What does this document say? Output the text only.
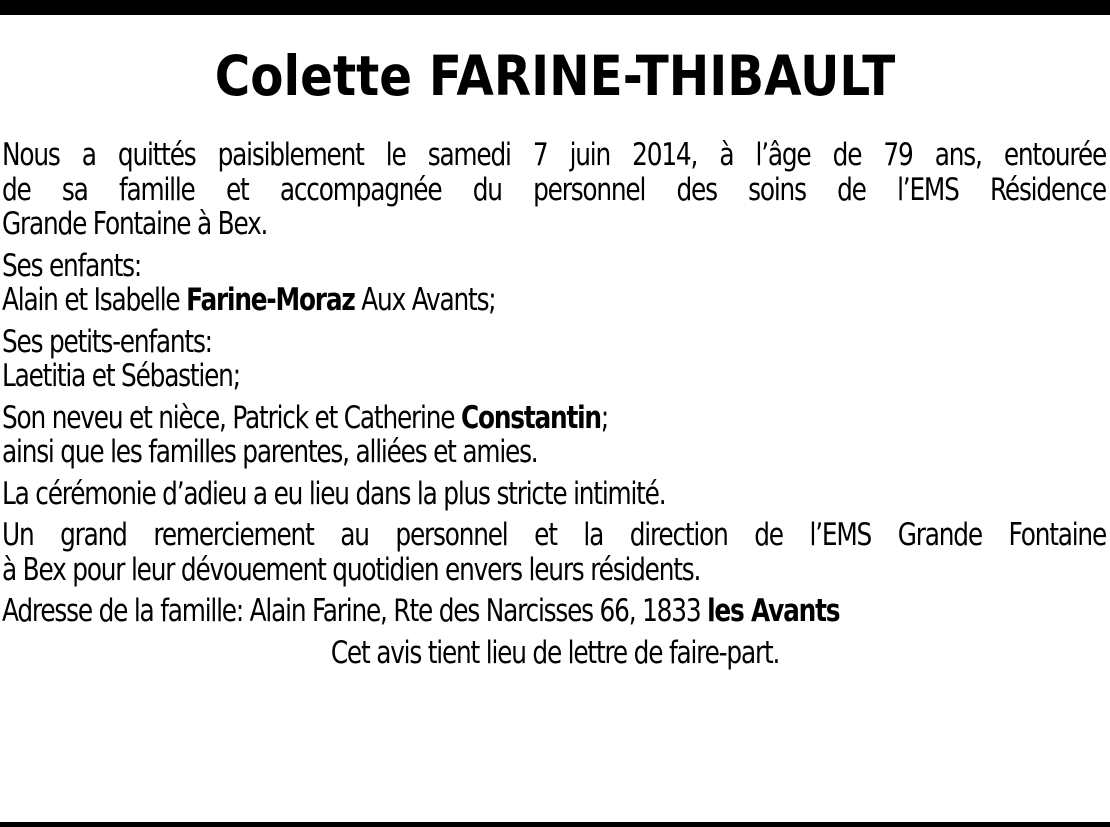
Colette FARINE-THIBAULT

Nous a quittés paisiblement le samedi 7 juin 2014, à l’âge de 79 ans, entourée
de sa famille et accompagnée du personnel des soins de l’EMS Résidence
Grande Fontaine à Bex.

Ses enfants:
Alain et Isabelle Farine-Moraz Aux Avants;

Ses petits-enfants:
Laetitia et Sébastien;

Son neveu et nièce, Patrick et Catherine Constantin;
ainsi que les familles parentes, alliées et amies.

La cérémonie d’adieu a eu lieu dans la plus stricte intimité.

Un grand remerciement au personnel et la direction de l’EMS Grande Fontaine
à Bex pour leur dévouement quotidien envers leurs résidents.

Adresse de la famille: Alain Farine, Rte des Narcisses 66, 1833 les Avants

Cet avis tient lieu de lettre de faire-part.
